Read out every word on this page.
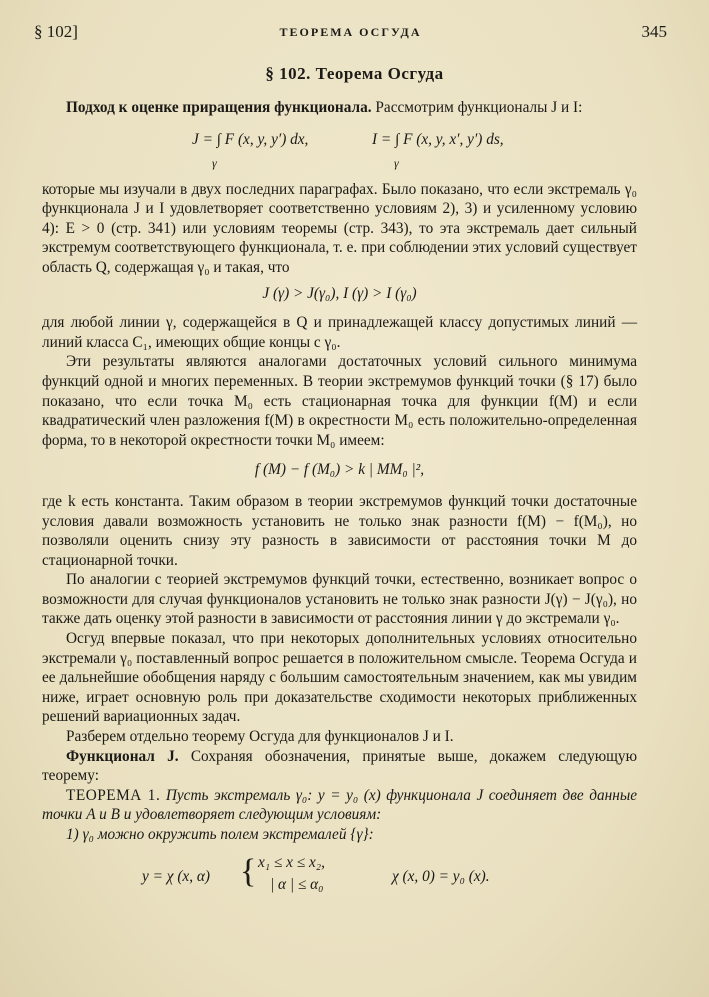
§ 102]	ТЕОРЕМА ОСГУДА	345
§ 102. Теорема Осгуда

Подход к оценке приращения функционала. Рассмотрим функционалы J и I:

J = ∫ F (x, y, y′) dx,	I = ∫ F (x, y, x′, y′) ds,
γ	γ

которые мы изучали в двух последних параграфах. Было показано, что если экстремаль γ₀ функционала J и I удовлетворяет соответственно условиям 2), 3) и усиленному условию 4): E > 0 (стр. 341) или условиям теоремы (стр. 343), то эта экстремаль дает сильный экстремум соответствующего функционала, т. е. при соблюдении этих условий существует область Q, содержащая γ₀ и такая, что

J (γ) > J(γ₀), I (γ) > I (γ₀)

для любой линии γ, содержащейся в Q и принадлежащей классу допустимых линий — линий класса C₁, имеющих общие концы с γ₀.

Эти результаты являются аналогами достаточных условий сильного минимума функций одной и многих переменных. В теории экстремумов функций точки (§ 17) было показано, что если точка M₀ есть стационарная точка для функции f(M) и если квадратический член разложения f(M) в окрестности M₀ есть положительно-определенная форма, то в некоторой окрестности точки M₀ имеем:

f (M) − f (M₀) > k | MM₀ |²,

где k есть константа. Таким образом в теории экстремумов функций точки достаточные условия давали возможность установить не только знак разности f(M) − f(M₀), но позволяли оценить снизу эту разность в зависимости от расстояния точки M до стационарной точки.

По аналогии с теорией экстремумов функций точки, естественно, возникает вопрос о возможности для случая функционалов установить не только знак разности J(γ) − J(γ₀), но также дать оценку этой разности в зависимости от расстояния линии γ до экстремали γ₀.

Осгуд впервые показал, что при некоторых дополнительных условиях относительно экстремали γ₀ поставленный вопрос решается в положительном смысле. Теорема Осгуда и ее дальнейшие обобщения наряду с большим самостоятельным значением, как мы увидим ниже, играет основную роль при доказательстве сходимости некоторых приближенных решений вариационных задач.

Разберем отдельно теорему Осгуда для функционалов J и I.

Функционал J. Сохраняя обозначения, принятые выше, докажем следующую теорему:

ТЕОРЕМА 1. Пусть экстремаль γ₀: y = y₀ (x) функционала J соединяет две данные точки A и B и удовлетворяет следующим условиям:

1) γ₀ можно окружить полем экстремалей {γ}:

y = χ (x, α) { x₁ ≤ x ≤ x₂,
| α | ≤ α₀	χ (x, 0) = y₀ (x).
